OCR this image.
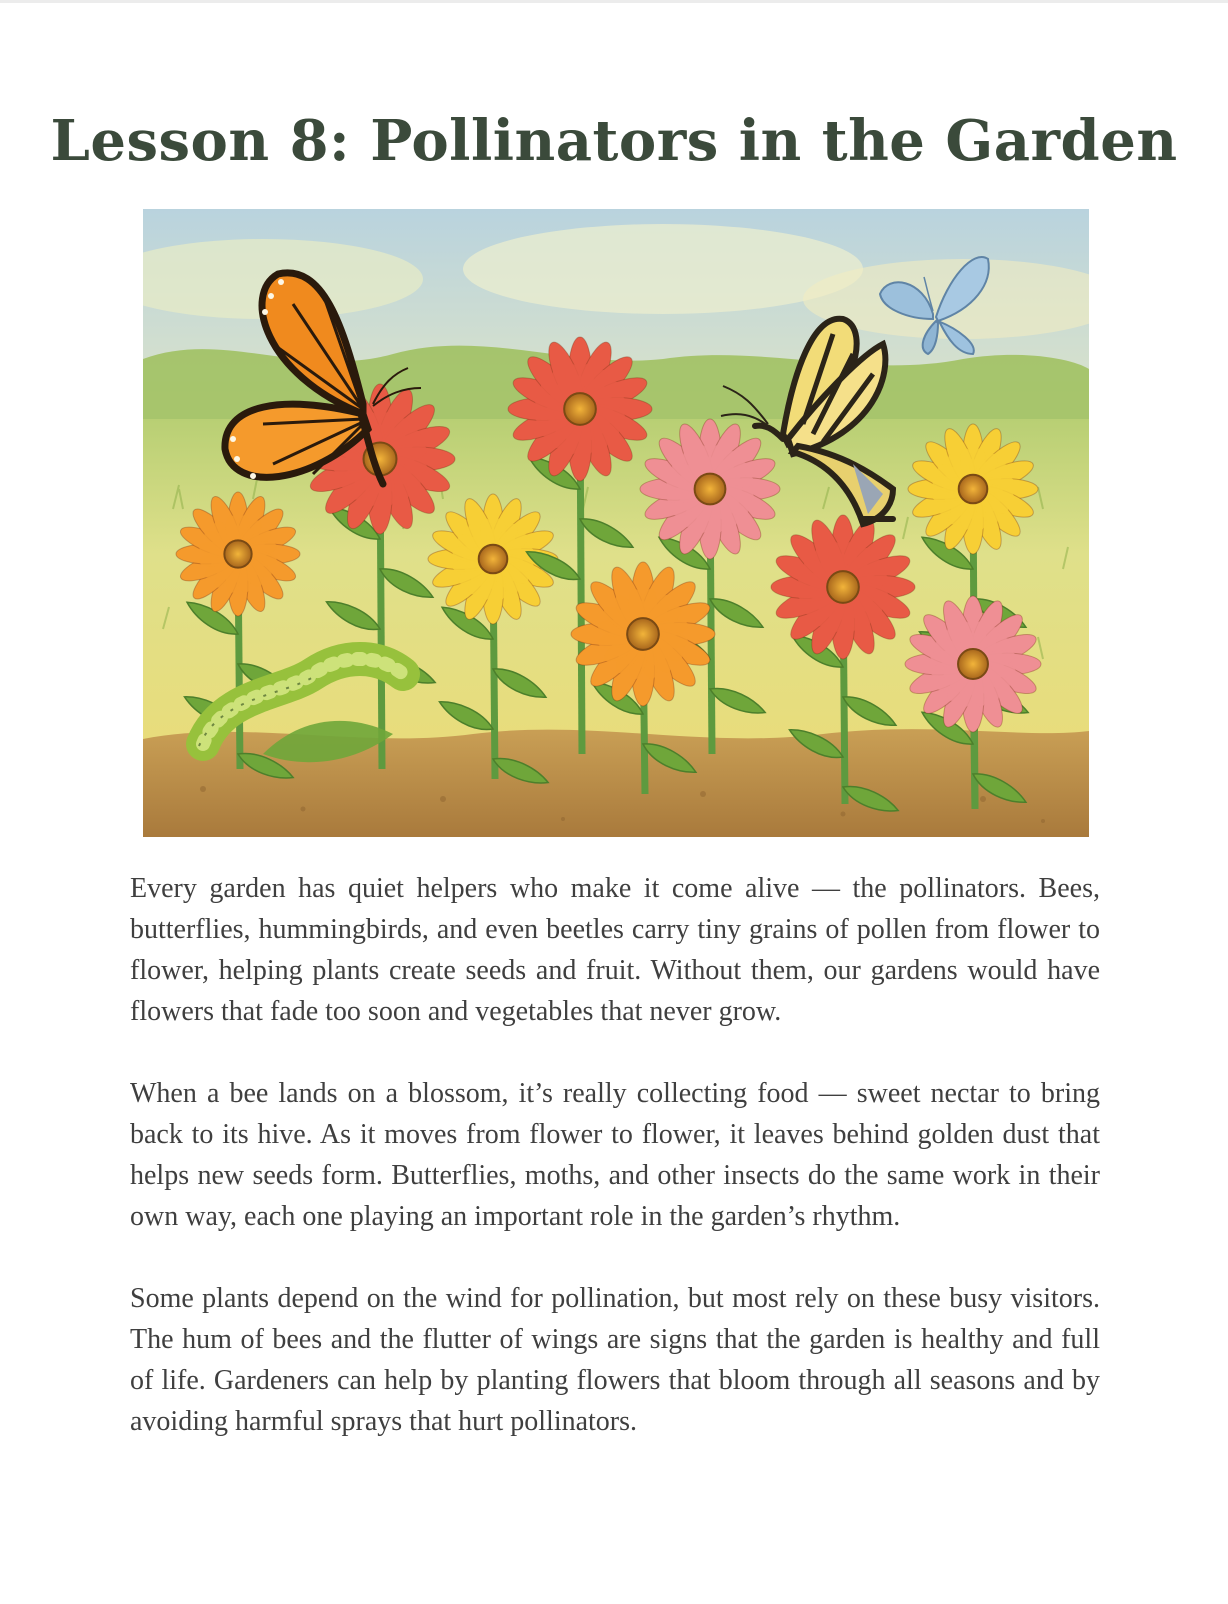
Lesson 8: Pollinators in the Garden

Every garden has quiet helpers who make it come alive — the pollinators. Bees, butterflies, hummingbirds, and even beetles carry tiny grains of pollen from flower to flower, helping plants create seeds and fruit. Without them, our gardens would have flowers that fade too soon and vegetables that never grow.

When a bee lands on a blossom, it’s really collecting food — sweet nectar to bring back to its hive. As it moves from flower to flower, it leaves behind golden dust that helps new seeds form. Butterflies, moths, and other insects do the same work in their own way, each one playing an important role in the garden’s rhythm.

Some plants depend on the wind for pollination, but most rely on these busy visitors. The hum of bees and the flutter of wings are signs that the garden is healthy and full of life. Gardeners can help by planting flowers that bloom through all seasons and by avoiding harmful sprays that hurt pollinators.
